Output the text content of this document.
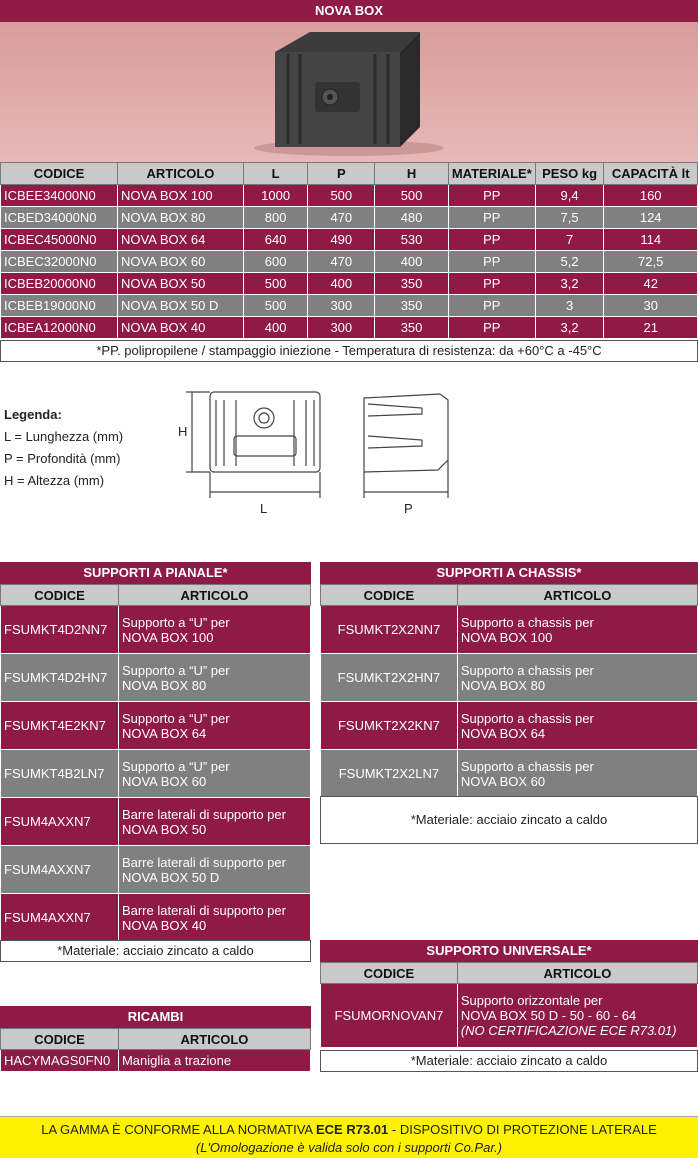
NOVA BOX
CODICE	ARTICOLO	L	P	H	MATERIALE*	PESO kg	CAPACITÀ lt
ICBEE34000N0	NOVA BOX 100	1000	500	500	PP	9,4	160
ICBED34000N0	NOVA BOX 80	800	470	480	PP	7,5	124
ICBEC45000N0	NOVA BOX 64	640	490	530	PP	7	114
ICBEC32000N0	NOVA BOX 60	600	470	400	PP	5,2	72,5
ICBEB20000N0	NOVA BOX 50	500	400	350	PP	3,2	42
ICBEB19000N0	NOVA BOX 50 D	500	300	350	PP	3	30
ICBEA12000N0	NOVA BOX 40	400	300	350	PP	3,2	21
*PP. polipropilene / stampaggio iniezione - Temperatura di resistenza: da +60°C a -45°C
Legenda:
L = Lunghezza (mm)
P = Profondità (mm)
H = Altezza (mm)
H
L	P
SUPPORTI A PIANALE*
CODICE	ARTICOLO
FSUMKT4D2NN7	Supporto a “U” per
NOVA BOX 100

FSUMKT4D2HN7	Supporto a “U” per
NOVA BOX 80

FSUMKT4E2KN7	Supporto a “U” per
NOVA BOX 64

FSUMKT4B2LN7	Supporto a “U” per
NOVA BOX 60

FSUM4AXXN7	Barre laterali di supporto per
NOVA BOX 50

FSUM4AXXN7	Barre laterali di supporto per
NOVA BOX 50 D

FSUM4AXXN7	Barre laterali di supporto per
NOVA BOX 40
*Materiale: acciaio zincato a caldo
SUPPORTI A CHASSIS*
CODICE	ARTICOLO
FSUMKT2X2NN7	Supporto a chassis per
NOVA BOX 100

FSUMKT2X2HN7	Supporto a chassis per
NOVA BOX 80

FSUMKT2X2KN7	Supporto a chassis per
NOVA BOX 64

FSUMKT2X2LN7	Supporto a chassis per
NOVA BOX 60
*Materiale: acciaio zincato a caldo
SUPPORTO UNIVERSALE*
CODICE	ARTICOLO
FSUMORNOVAN7	Supporto orizzontale per
NOVA BOX 50 D - 50 - 60 - 64
(NO CERTIFICAZIONE ECE R73.01)
*Materiale: acciaio zincato a caldo
RICAMBI
CODICE	ARTICOLO
HACYMAGS0FN0	Maniglia a trazione
LA GAMMA È CONFORME ALLA NORMATIVA ECE R73.01 - DISPOSITIVO DI PROTEZIONE LATERALE
(L'Omologazione è valida solo con i supporti Co.Par.)
